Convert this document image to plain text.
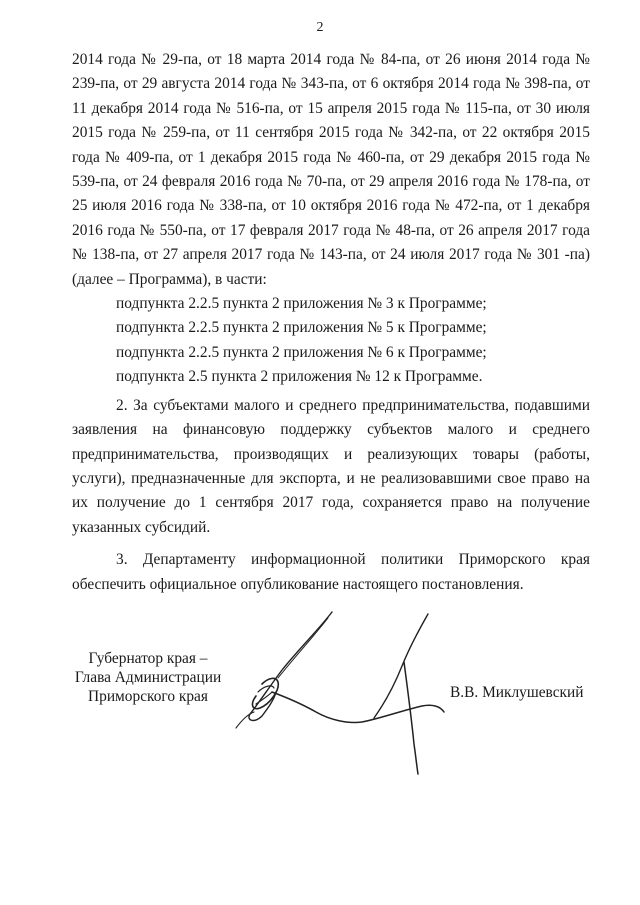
2

2014 года № 29-па, от 18 марта 2014 года № 84-па, от 26 июня 2014 года № 239-па, от 29 августа 2014 года № 343-па, от 6 октября 2014 года № 398-па, от 11 декабря 2014 года № 516-па, от 15 апреля 2015 года № 115-па, от 30 июля 2015 года № 259-па, от 11 сентября 2015 года № 342-па, от 22 октября 2015 года № 409-па, от 1 декабря 2015 года № 460-па, от 29 декабря 2015 года № 539-па, от 24 февраля 2016 года № 70-па, от 29 апреля 2016 года № 178-па, от 25 июля 2016 года № 338-па, от 10 октября 2016 года № 472-па, от 1 декабря 2016 года № 550-па, от 17 февраля 2017 года № 48-па, от 26 апреля 2017 года № 138-па, от 27 апреля 2017 года № 143-па, от 24 июля 2017 года № 301 -па) (далее – Программа), в части:

подпункта 2.2.5 пункта 2 приложения № 3 к Программе;

подпункта 2.2.5 пункта 2 приложения № 5 к Программе;

подпункта 2.2.5 пункта 2 приложения № 6 к Программе;

подпункта 2.5 пункта 2 приложения № 12 к Программе.

2. За субъектами малого и среднего предпринимательства, подавшими заявления на финансовую поддержку субъектов малого и среднего предпринимательства, производящих и реализующих товары (работы, услуги), предназначенные для экспорта, и не реализовавшими свое право на их получение до 1 сентября 2017 года, сохраняется право на получение указанных субсидий.

3. Департаменту информационной политики Приморского края обеспечить официальное опубликование настоящего постановления.

Губернатор края –
Глава Администрации
Приморского края	В.В. Миклушевский
